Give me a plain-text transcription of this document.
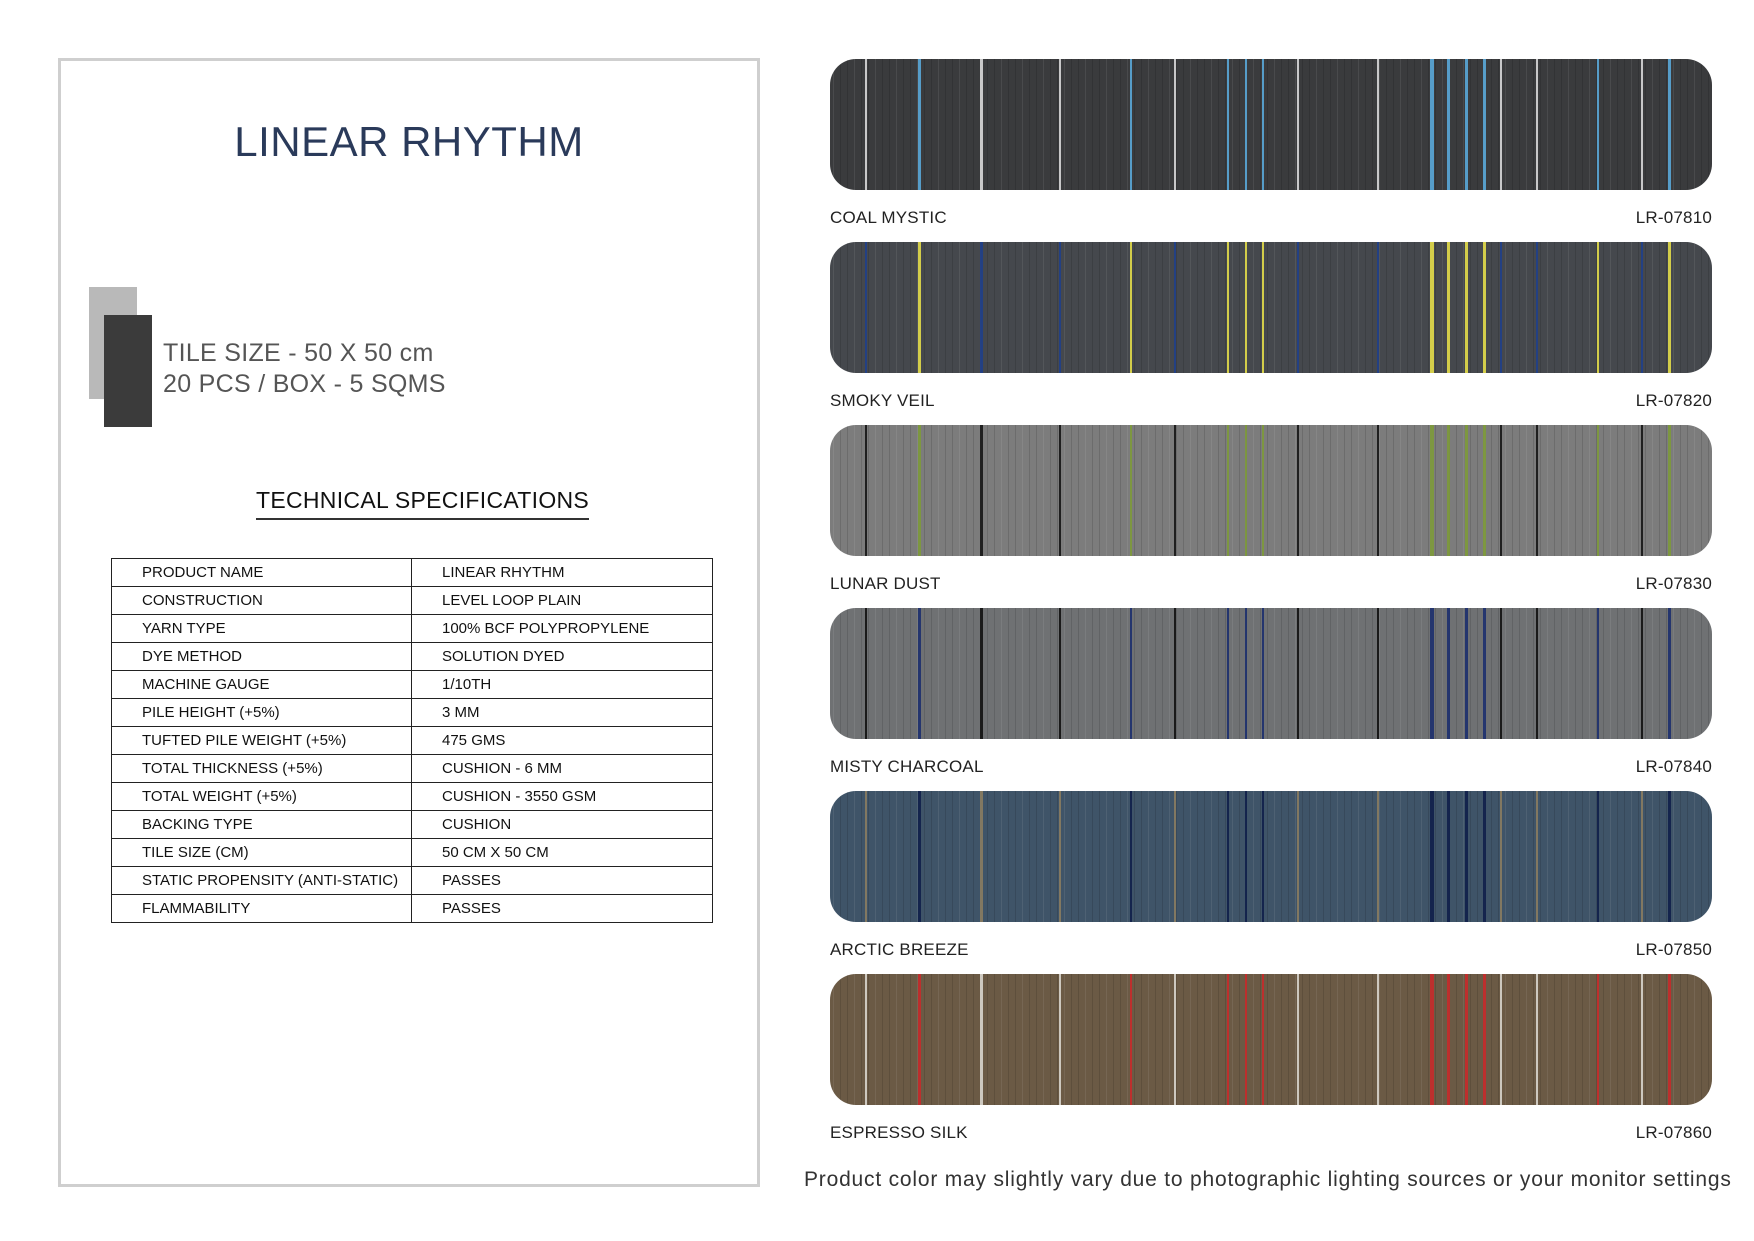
LINEAR RHYTHM
TILE SIZE - 50 X 50 cm
20 PCS / BOX - 5 SQMS
TECHNICAL SPECIFICATIONS
PRODUCT NAME	LINEAR RHYTHM
CONSTRUCTION	LEVEL LOOP PLAIN
YARN TYPE	100% BCF POLYPROPYLENE
DYE METHOD	SOLUTION DYED
MACHINE GAUGE	1/10TH
PILE HEIGHT (+5%)	3 MM
TUFTED PILE WEIGHT (+5%)	475 GMS
TOTAL THICKNESS (+5%)	CUSHION - 6 MM
TOTAL WEIGHT (+5%)	CUSHION - 3550 GSM
BACKING TYPE	CUSHION
TILE SIZE (CM)	50 CM X 50 CM
STATIC PROPENSITY (ANTI-STATIC)	PASSES
FLAMMABILITY	PASSES
COAL MYSTIC	LR-07810
SMOKY VEIL	LR-07820
LUNAR DUST	LR-07830
MISTY CHARCOAL	LR-07840
ARCTIC BREEZE	LR-07850
ESPRESSO SILK	LR-07860
Product color may slightly vary due to photographic lighting sources or your monitor settings
